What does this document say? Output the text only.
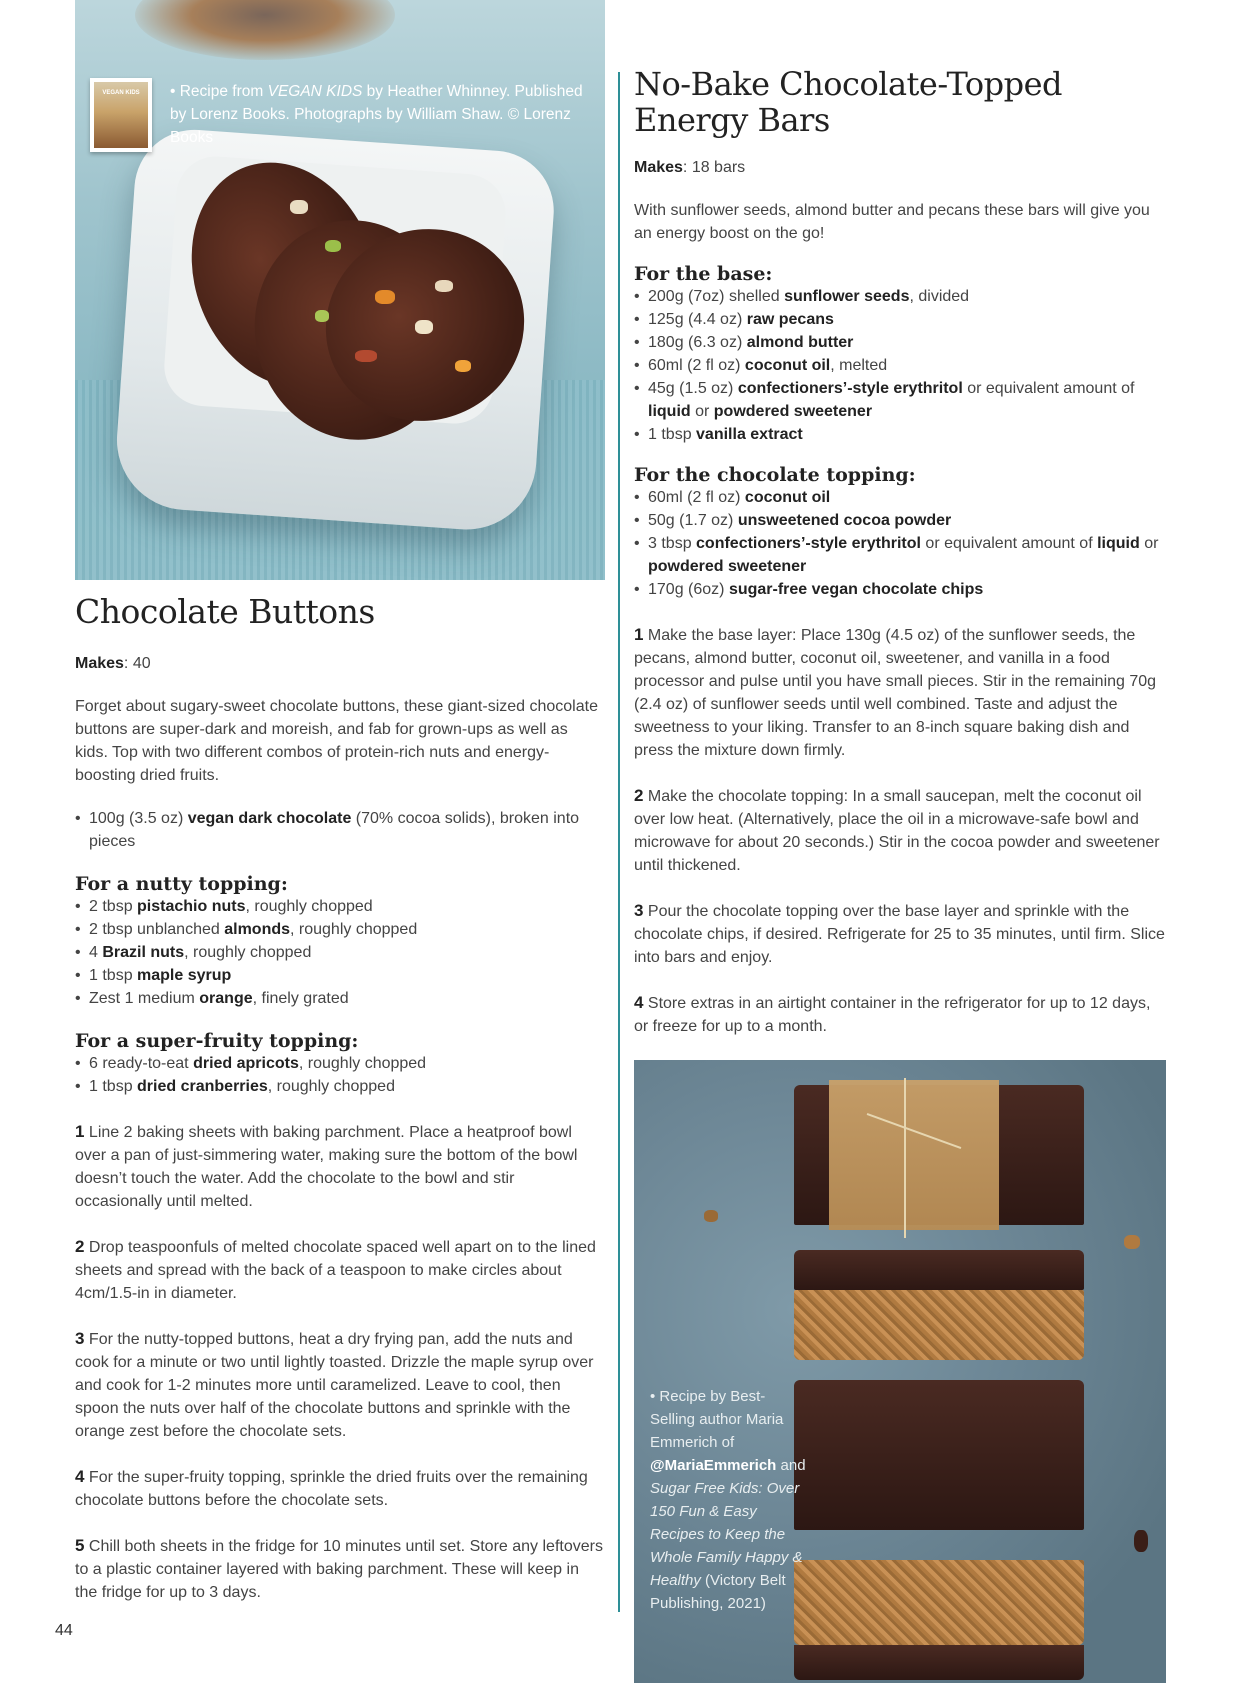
VEGAN KIDS	• Recipe from VEGAN KIDS by Heather Whinney. Published by Lorenz Books. Photographs by William Shaw. © Lorenz Books
Chocolate Buttons

Makes: 40

Forget about sugary-sweet chocolate buttons, these giant-sized chocolate buttons are super-dark and moreish, and fab for grown-ups as well as kids. Top with two different combos of protein-rich nuts and energy-boosting dried fruits.

• 100g (3.5 oz) vegan dark chocolate (70% cocoa solids), broken into pieces
For a nutty topping:
• 2 tbsp pistachio nuts, roughly chopped
• 2 tbsp unblanched almonds, roughly chopped
• 4 Brazil nuts, roughly chopped
• 1 tbsp maple syrup
• Zest 1 medium orange, finely grated
For a super-fruity topping:
• 6 ready-to-eat dried apricots, roughly chopped
• 1 tbsp dried cranberries, roughly chopped

1 Line 2 baking sheets with baking parchment. Place a heatproof bowl over a pan of just-simmering water, making sure the bottom of the bowl doesn’t touch the water. Add the chocolate to the bowl and stir occasionally until melted.

2 Drop teaspoonfuls of melted chocolate spaced well apart on to the lined sheets and spread with the back of a teaspoon to make circles about 4cm/1.5-in in diameter.

3 For the nutty-topped buttons, heat a dry frying pan, add the nuts and cook for a minute or two until lightly toasted. Drizzle the maple syrup over and cook for 1-2 minutes more until caramelized. Leave to cool, then spoon the nuts over half of the chocolate buttons and sprinkle with the orange zest before the chocolate sets.

4 For the super-fruity topping, sprinkle the dried fruits over the remaining chocolate buttons before the chocolate sets.

5 Chill both sheets in the fridge for 10 minutes until set. Store any leftovers to a plastic container layered with baking parchment. These will keep in the fridge for up to 3 days.

No-Bake Chocolate-Topped
Energy Bars

Makes: 18 bars

With sunflower seeds, almond butter and pecans these bars will give you an energy boost on the go!

For the base:
• 200g (7oz) shelled sunflower seeds, divided
• 125g (4.4 oz) raw pecans
• 180g (6.3 oz) almond butter
• 60ml (2 fl oz) coconut oil, melted
• 45g (1.5 oz) confectioners’-style erythritol or equivalent amount of liquid or powdered sweetener
• 1 tbsp vanilla extract
For the chocolate topping:
• 60ml (2 fl oz) coconut oil
• 50g (1.7 oz) unsweetened cocoa powder
• 3 tbsp confectioners’-style erythritol or equivalent amount of liquid or powdered sweetener
• 170g (6oz) sugar-free vegan chocolate chips

1 Make the base layer: Place 130g (4.5 oz) of the sunflower seeds, the pecans, almond butter, coconut oil, sweetener, and vanilla in a food processor and pulse until you have small pieces. Stir in the remaining 70g (2.4 oz) of sunflower seeds until well combined. Taste and adjust the sweetness to your liking. Transfer to an 8-inch square baking dish and press the mixture down firmly.

2 Make the chocolate topping: In a small saucepan, melt the coconut oil over low heat. (Alternatively, place the oil in a microwave-safe bowl and microwave for about 20 seconds.) Stir in the cocoa powder and sweetener until thickened.

3 Pour the chocolate topping over the base layer and sprinkle with the chocolate chips, if desired. Refrigerate for 25 to 35 minutes, until firm. Slice into bars and enjoy.

4 Store extras in an airtight container in the refrigerator for up to 12 days, or freeze for up to a month.

• Recipe by Best-Selling author Maria Emmerich of @MariaEmmerich and Sugar Free Kids: Over 150 Fun & Easy Recipes to Keep the Whole Family Happy & Healthy (Victory Belt Publishing, 2021)
44
